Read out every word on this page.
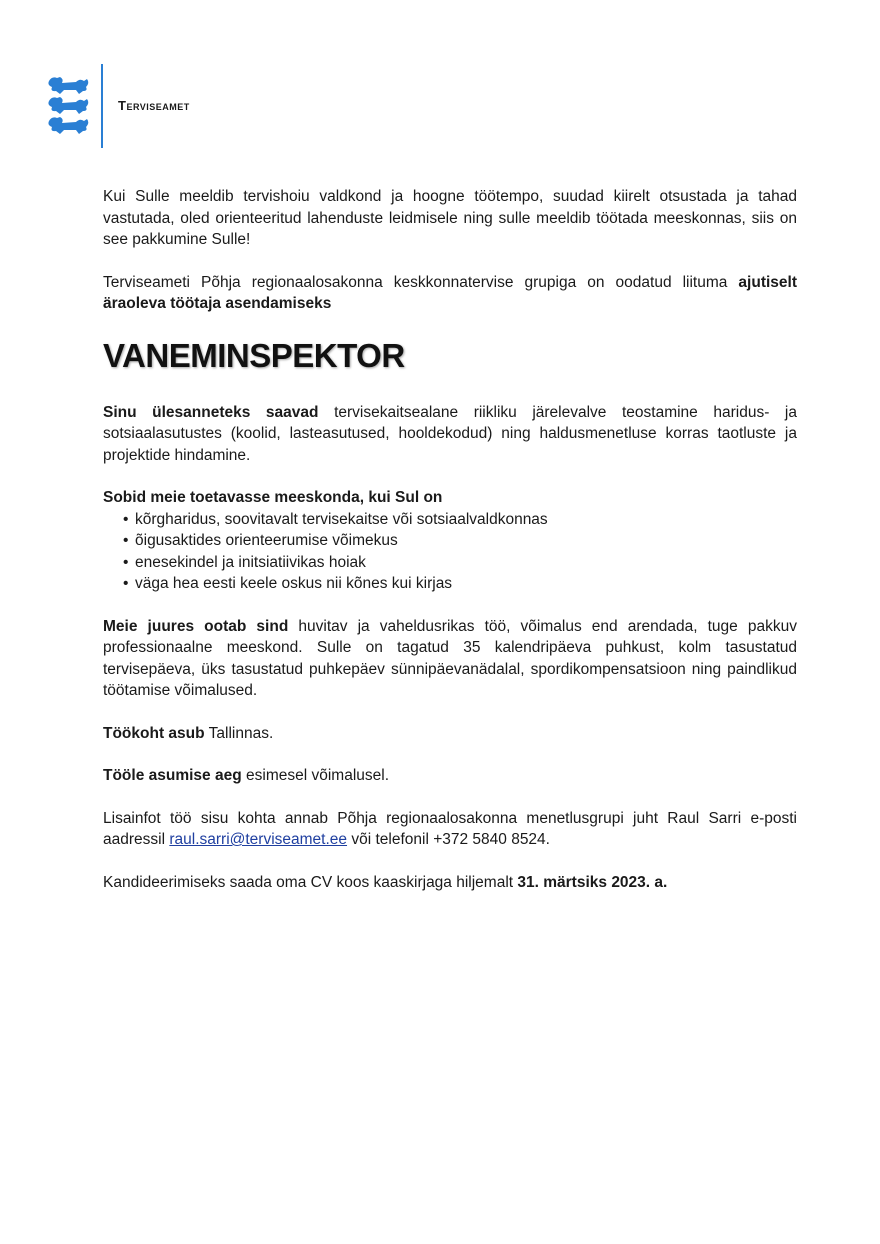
Terviseamet

Kui Sulle meeldib tervishoiu valdkond ja hoogne töötempo, suudad kiirelt otsustada ja tahad vastutada, oled orienteeritud lahenduste leidmisele ning sulle meeldib töötada meeskonnas, siis on see pakkumine Sulle!

Terviseameti Põhja regionaalosakonna keskkonnatervise grupiga on oodatud liituma ajutiselt äraoleva töötaja asendamiseks

VANEMINSPEKTOR

Sinu ülesanneteks saavad tervisekaitsealane riikliku järelevalve teostamine haridus- ja sotsiaalasutustes (koolid, lasteasutused, hooldekodud) ning haldusmenetluse korras taotluste ja projektide hindamine.

Sobid meie toetavasse meeskonda, kui Sul on

• kõrgharidus, soovitavalt tervisekaitse või sotsiaalvaldkonnas
• õigusaktides orienteerumise võimekus
• enesekindel ja initsiatiivikas hoiak
• väga hea eesti keele oskus nii kõnes kui kirjas

Meie juures ootab sind huvitav ja vaheldusrikas töö, võimalus end arendada, tuge pakkuv professionaalne meeskond. Sulle on tagatud 35 kalendripäeva puhkust, kolm tasustatud tervisepäeva, üks tasustatud puhkepäev sünnipäevanädalal, spordikompensatsioon ning paindlikud töötamise võimalused.

Töökoht asub Tallinnas.

Tööle asumise aeg esimesel võimalusel.

Lisainfot töö sisu kohta annab Põhja regionaalosakonna menetlusgrupi juht Raul Sarri e-posti aadressil raul.sarri@terviseamet.ee või telefonil +372 5840 8524.

Kandideerimiseks saada oma CV koos kaaskirjaga hiljemalt 31. märtsiks 2023. a.
